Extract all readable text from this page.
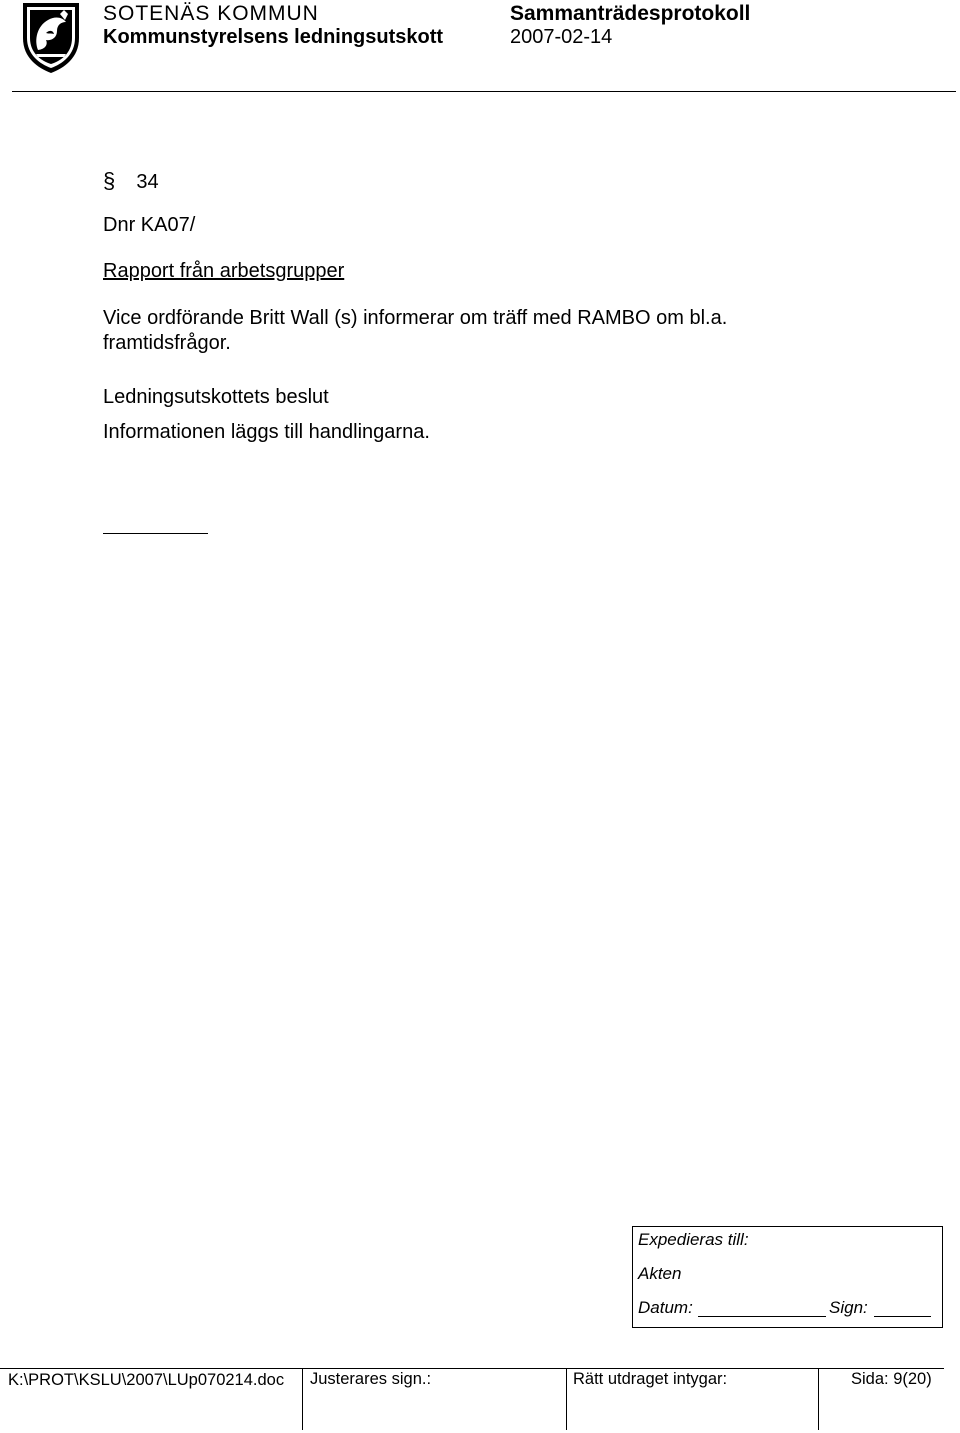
SOTENÄS KOMMUN
Kommunstyrelsens ledningsutskott
Sammanträdesprotokoll
2007-02-14
§ 34
Dnr KA07/
Rapport från arbetsgrupper
Vice ordförande Britt Wall (s) informerar om träff med RAMBO om bl.a. framtidsfrågor.
Ledningsutskottets beslut
Informationen läggs till handlingarna.
Expedieras till:
Akten
Datum:	Sign:
K:\PROT\KSLU\2007\LUp070214.doc	Justerares sign.:	Rätt utdraget intygar:	Sida: 9(20)
